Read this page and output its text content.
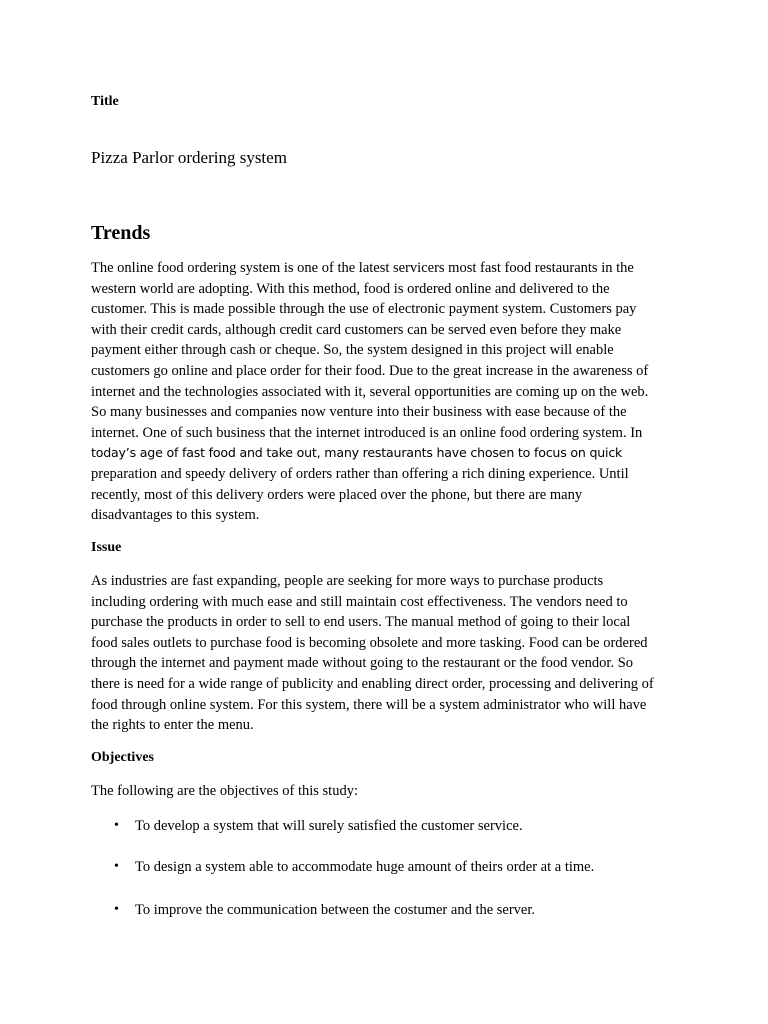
Title

Pizza Parlor ordering system
Trends

The online food ordering system is one of the latest servicers most fast food restaurants in the
western world are adopting. With this method, food is ordered online and delivered to the
customer. This is made possible through the use of electronic payment system. Customers pay
with their credit cards, although credit card customers can be served even before they make
payment either through cash or cheque. So, the system designed in this project will enable
customers go online and place order for their food. Due to the great increase in the awareness of
internet and the technologies associated with it, several opportunities are coming up on the web.
So many businesses and companies now venture into their business with ease because of the
internet. One of such business that the internet introduced is an online food ordering system. In
today’s age of fast food and take out, many restaurants have chosen to focus on quick
preparation and speedy delivery of orders rather than offering a rich dining experience. Until
recently, most of this delivery orders were placed over the phone, but there are many
disadvantages to this system.

Issue

As industries are fast expanding, people are seeking for more ways to purchase products
including ordering with much ease and still maintain cost effectiveness. The vendors need to
purchase the products in order to sell to end users. The manual method of going to their local
food sales outlets to purchase food is becoming obsolete and more tasking. Food can be ordered
through the internet and payment made without going to the restaurant or the food vendor. So
there is need for a wide range of publicity and enabling direct order, processing and delivering of
food through online system. For this system, there will be a system administrator who will have
the rights to enter the menu.

Objectives

The following are the objectives of this study:

• To develop a system that will surely satisfied the customer service.
• To design a system able to accommodate huge amount of theirs order at a time.
• To improve the communication between the costumer and the server.
